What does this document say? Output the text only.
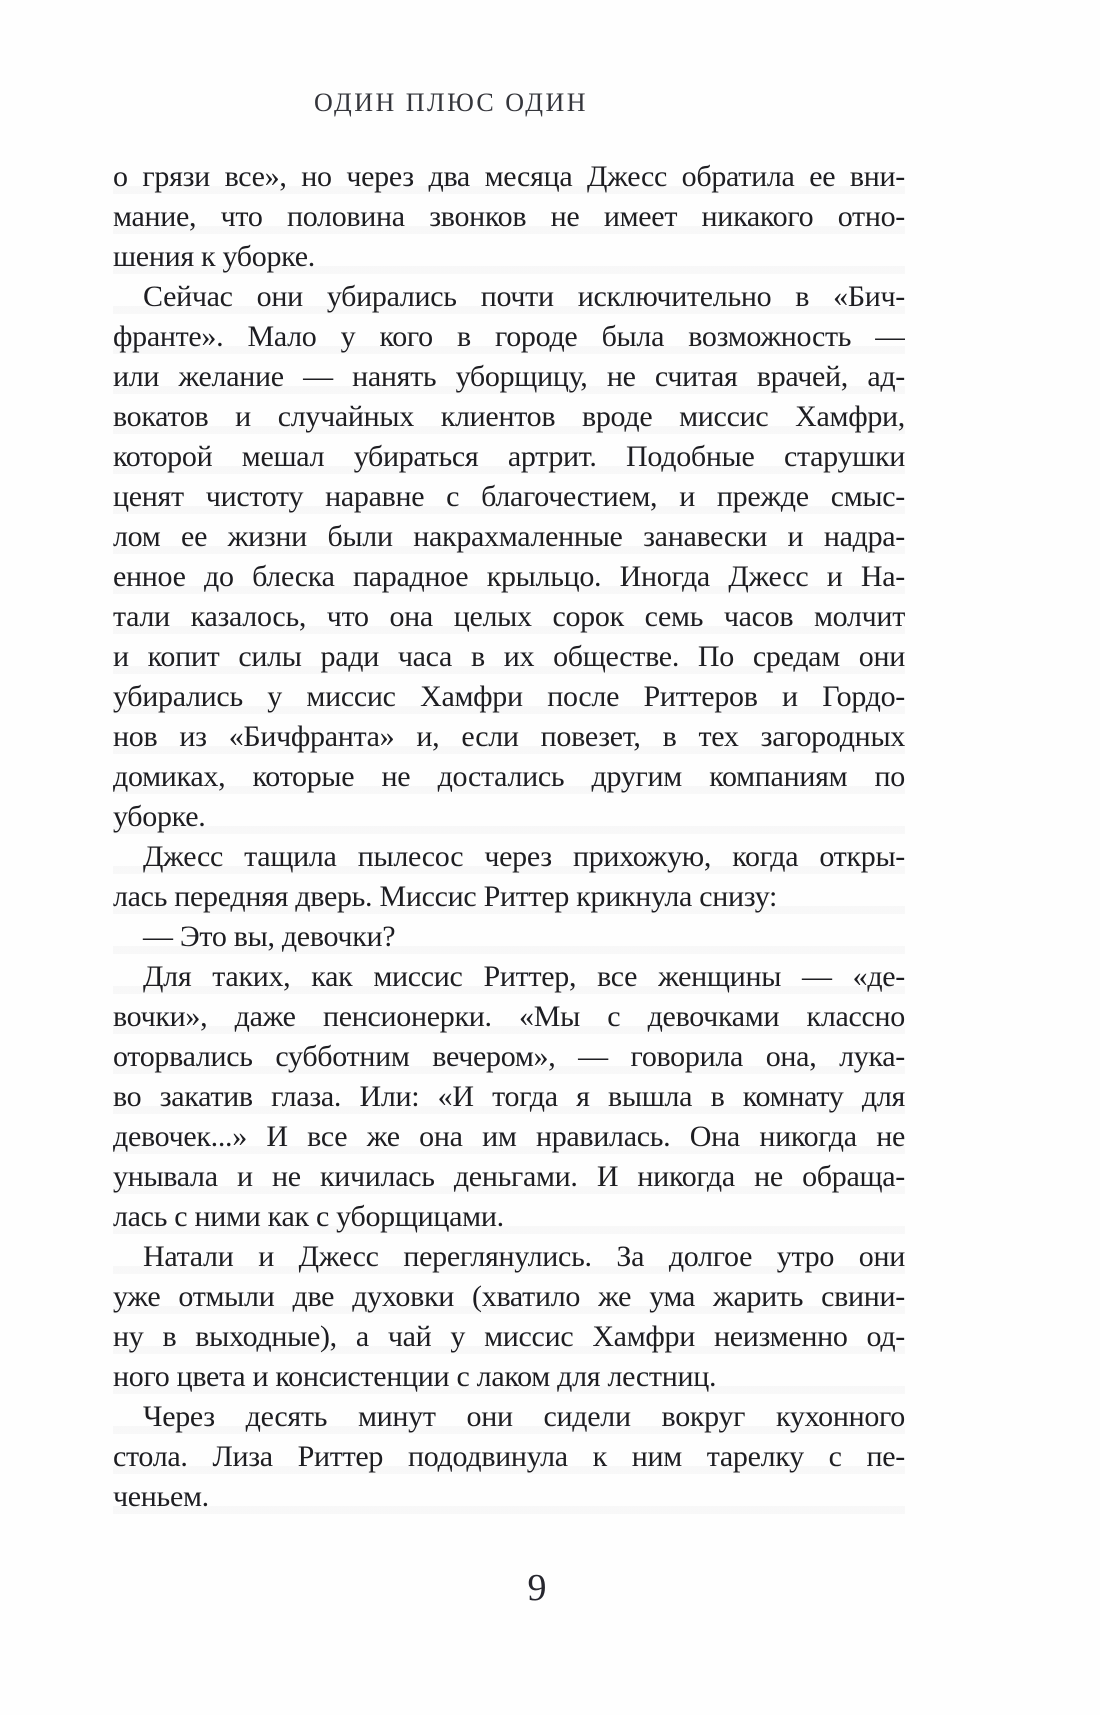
ОДИН ПЛЮС ОДИН
о грязи все», но через два месяца Джесс обратила ее вни-
мание, что половина звонков не имеет никакого отно-
шения к уборке.
Сейчас они убирались почти исключительно в «Бич-
франте». Мало у кого в городе была возможность —
или желание — нанять уборщицу, не считая врачей, ад-
вокатов и случайных клиентов вроде миссис Хамфри,
которой мешал убираться артрит. Подобные старушки
ценят чистоту наравне с благочестием, и прежде смыс-
лом ее жизни были накрахмаленные занавески и надра-
енное до блеска парадное крыльцо. Иногда Джесс и На-
тали казалось, что она целых сорок семь часов молчит
и копит силы ради часа в их обществе. По средам они
убирались у миссис Хамфри после Риттеров и Гордо-
нов из «Бичфранта» и, если повезет, в тех загородных
домиках, которые не достались другим компаниям по
уборке.
Джесс тащила пылесос через прихожую, когда откры-
лась передняя дверь. Миссис Риттер крикнула снизу:
— Это вы, девочки?
Для таких, как миссис Риттер, все женщины — «де-
вочки», даже пенсионерки. «Мы с девочками классно
оторвались субботним вечером», — говорила она, лука-
во закатив глаза. Или: «И тогда я вышла в комнату для
девочек...» И все же она им нравилась. Она никогда не
унывала и не кичилась деньгами. И никогда не обраща-
лась с ними как с уборщицами.
Натали и Джесс переглянулись. За долгое утро они
уже отмыли две духовки (хватило же ума жарить свини-
ну в выходные), а чай у миссис Хамфри неизменно од-
ного цвета и консистенции с лаком для лестниц.
Через десять минут они сидели вокруг кухонного
стола. Лиза Риттер пододвинула к ним тарелку с пе-
ченьем.
9
